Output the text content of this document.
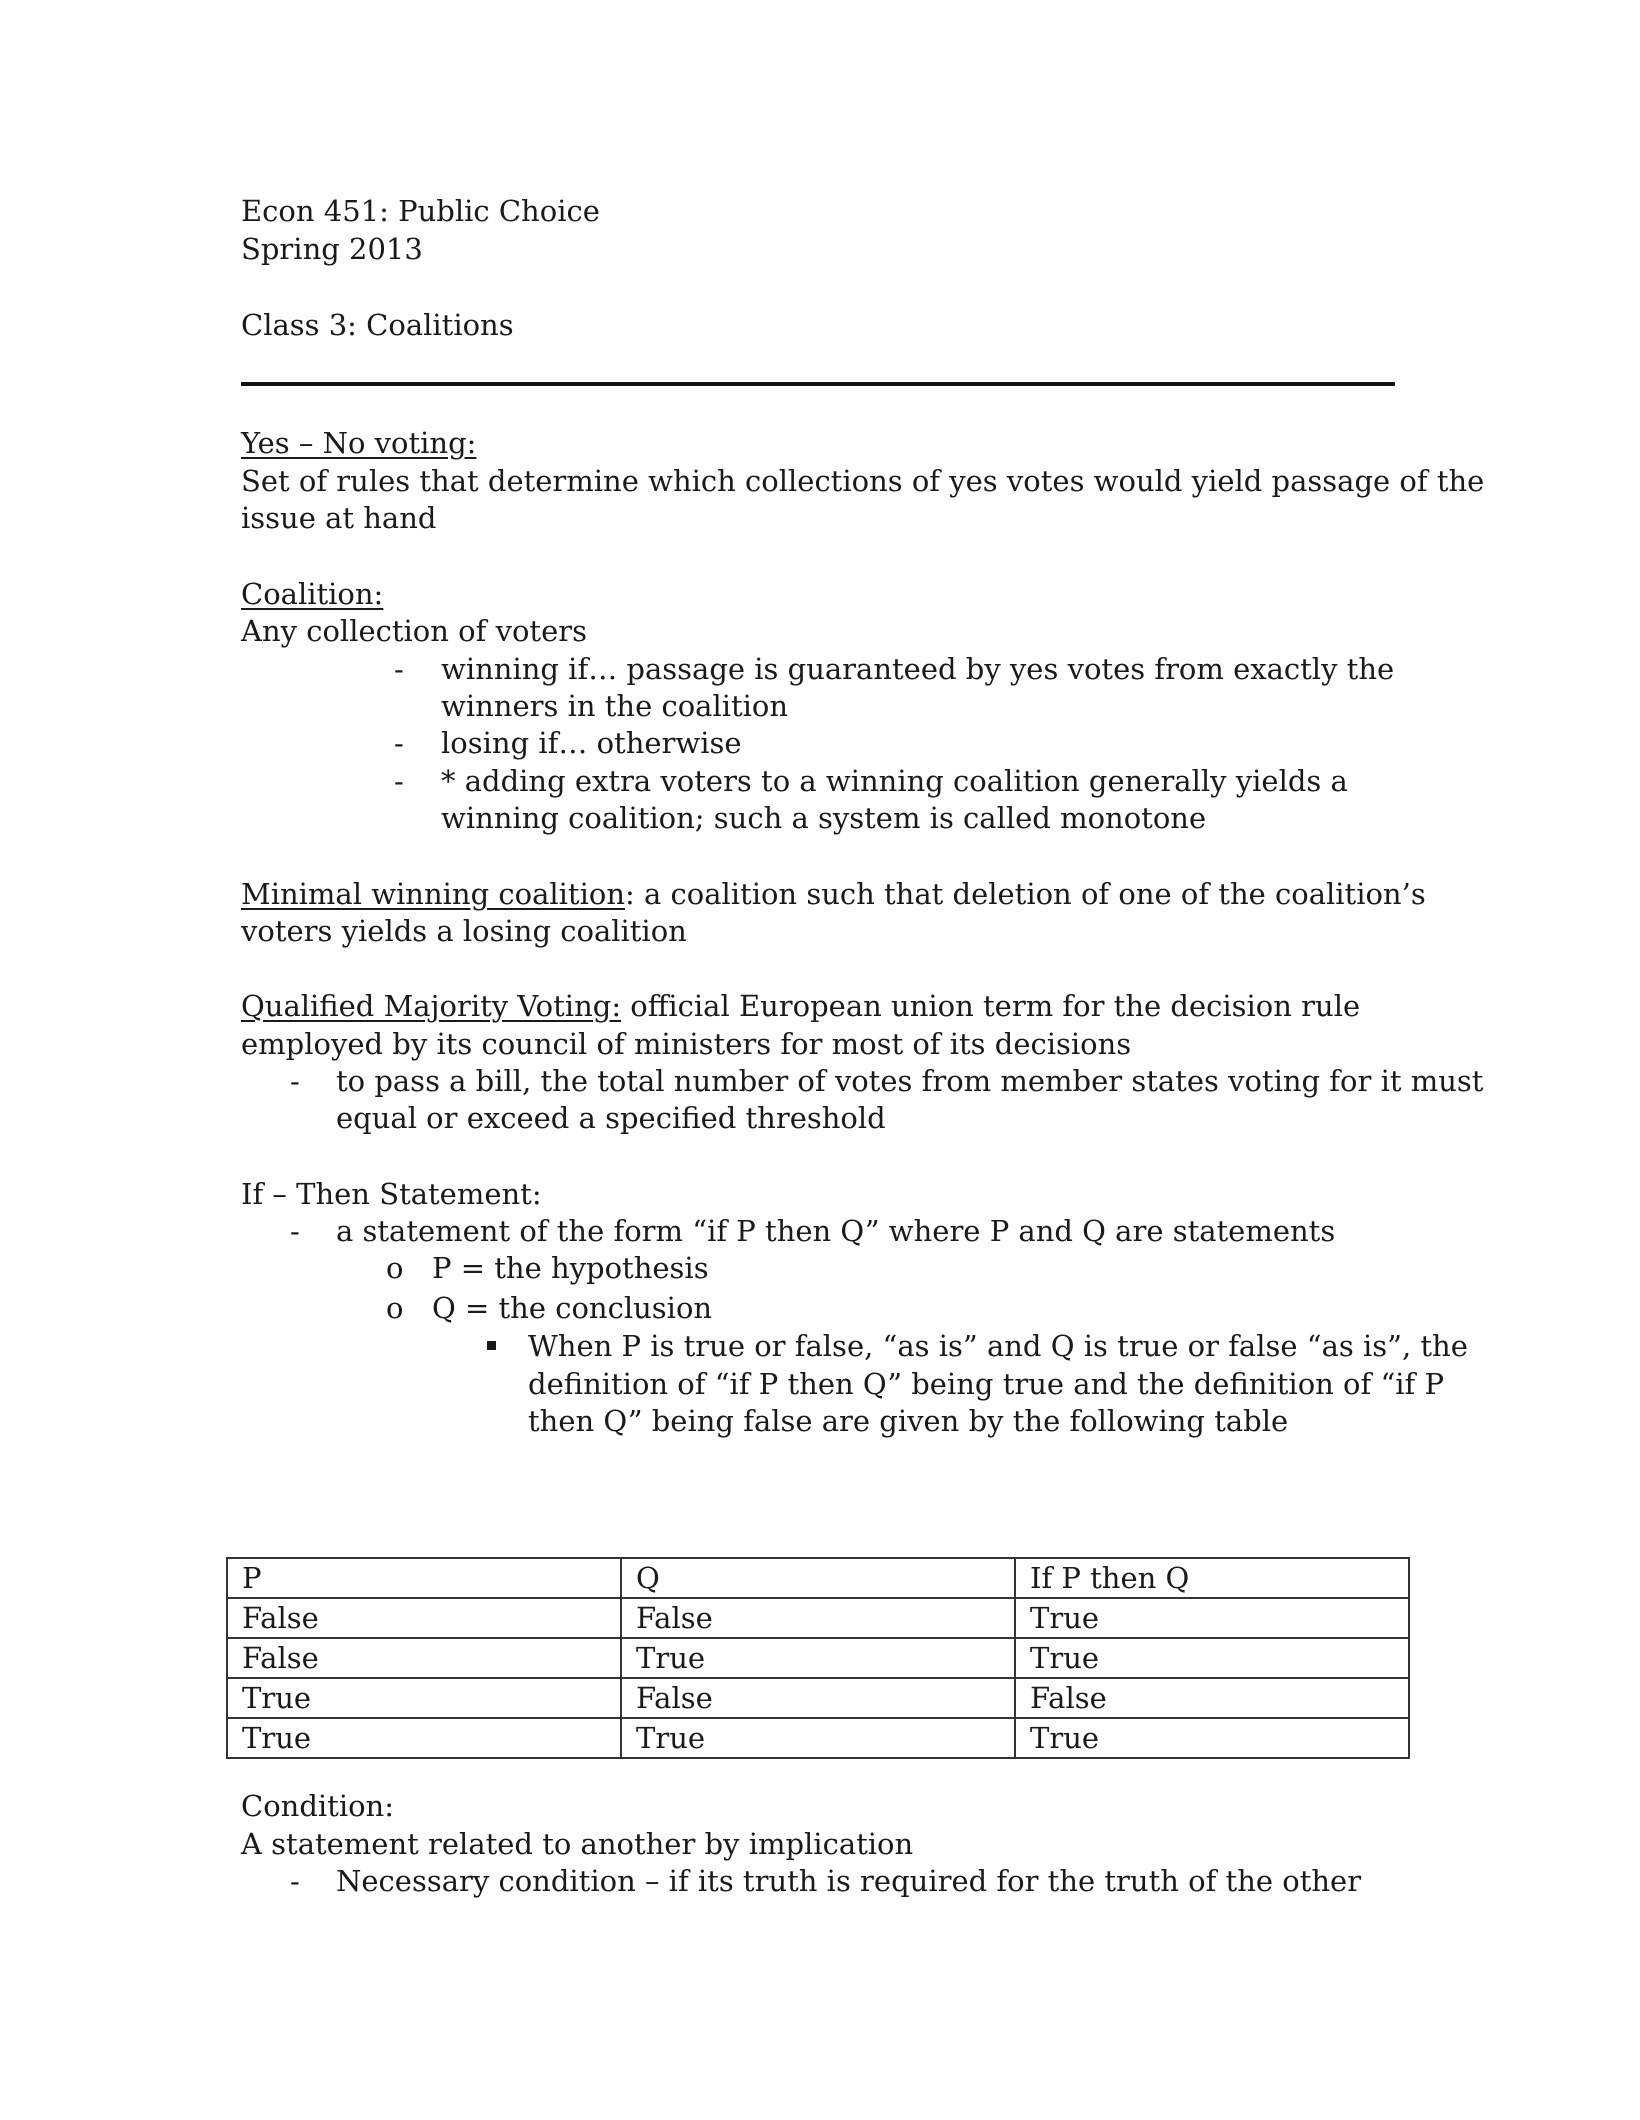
Econ 451: Public Choice
Spring 2013
Class 3: Coalitions
Yes – No voting:
Set of rules that determine which collections of yes votes would yield passage of the
issue at hand
Coalition:
Any collection of voters
- winning if… passage is guaranteed by yes votes from exactly the
winners in the coalition
- losing if… otherwise
- * adding extra voters to a winning coalition generally yields a
winning coalition; such a system is called monotone
Minimal winning coalition: a coalition such that deletion of one of the coalition’s
voters yields a losing coalition
Qualified Majority Voting: official European union term for the decision rule
employed by its council of ministers for most of its decisions
- to pass a bill, the total number of votes from member states voting for it must
equal or exceed a specified threshold
If – Then Statement:
- a statement of the form “if P then Q” where P and Q are statements
o P = the hypothesis
o Q = the conclusion
When P is true or false, “as is” and Q is true or false “as is”, the
definition of “if P then Q” being true and the definition of “if P
then Q” being false are given by the following table
P	Q	If P then Q
False	False	True
False	True	True
True	False	False
True	True	True
Condition:
A statement related to another by implication
- Necessary condition – if its truth is required for the truth of the other
